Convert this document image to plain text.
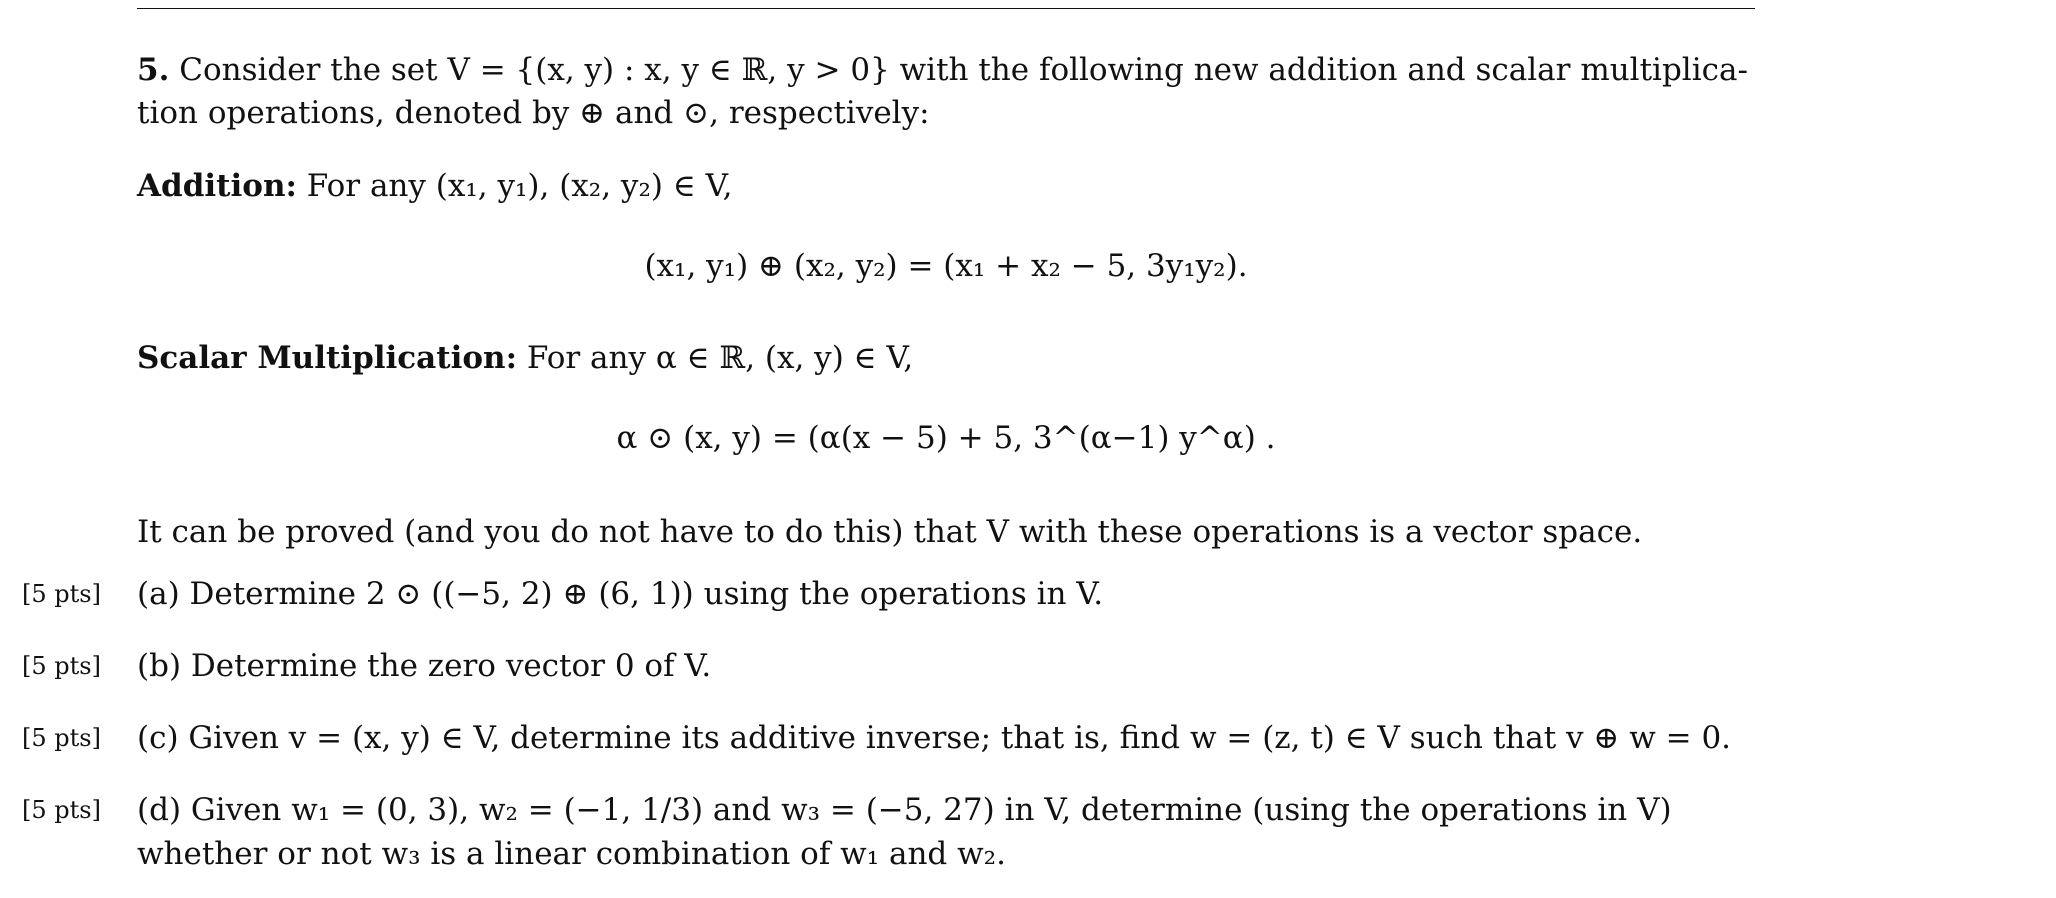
5. Consider the set V = {(x, y) : x, y ∈ ℝ, y > 0} with the following new addition and scalar multiplica-
tion operations, denoted by ⊕ and ⊙, respectively:
Addition: For any (x₁, y₁), (x₂, y₂) ∈ V,
(x₁, y₁) ⊕ (x₂, y₂) = (x₁ + x₂ − 5, 3y₁y₂).
Scalar Multiplication: For any α ∈ ℝ, (x, y) ∈ V,
α ⊙ (x, y) = (α(x − 5) + 5, 3^(α−1) y^α) .
It can be proved (and you do not have to do this) that V with these operations is a vector space.
[5 pts] (a) Determine 2 ⊙ ((−5, 2) ⊕ (6, 1)) using the operations in V.
[5 pts] (b) Determine the zero vector 0 of V.
[5 pts] (c) Given v = (x, y) ∈ V, determine its additive inverse; that is, find w = (z, t) ∈ V such that v ⊕ w = 0.
[5 pts] (d) Given w₁ = (0, 3), w₂ = (−1, 1/3) and w₃ = (−5, 27) in V, determine (using the operations in V)
whether or not w₃ is a linear combination of w₁ and w₂.
